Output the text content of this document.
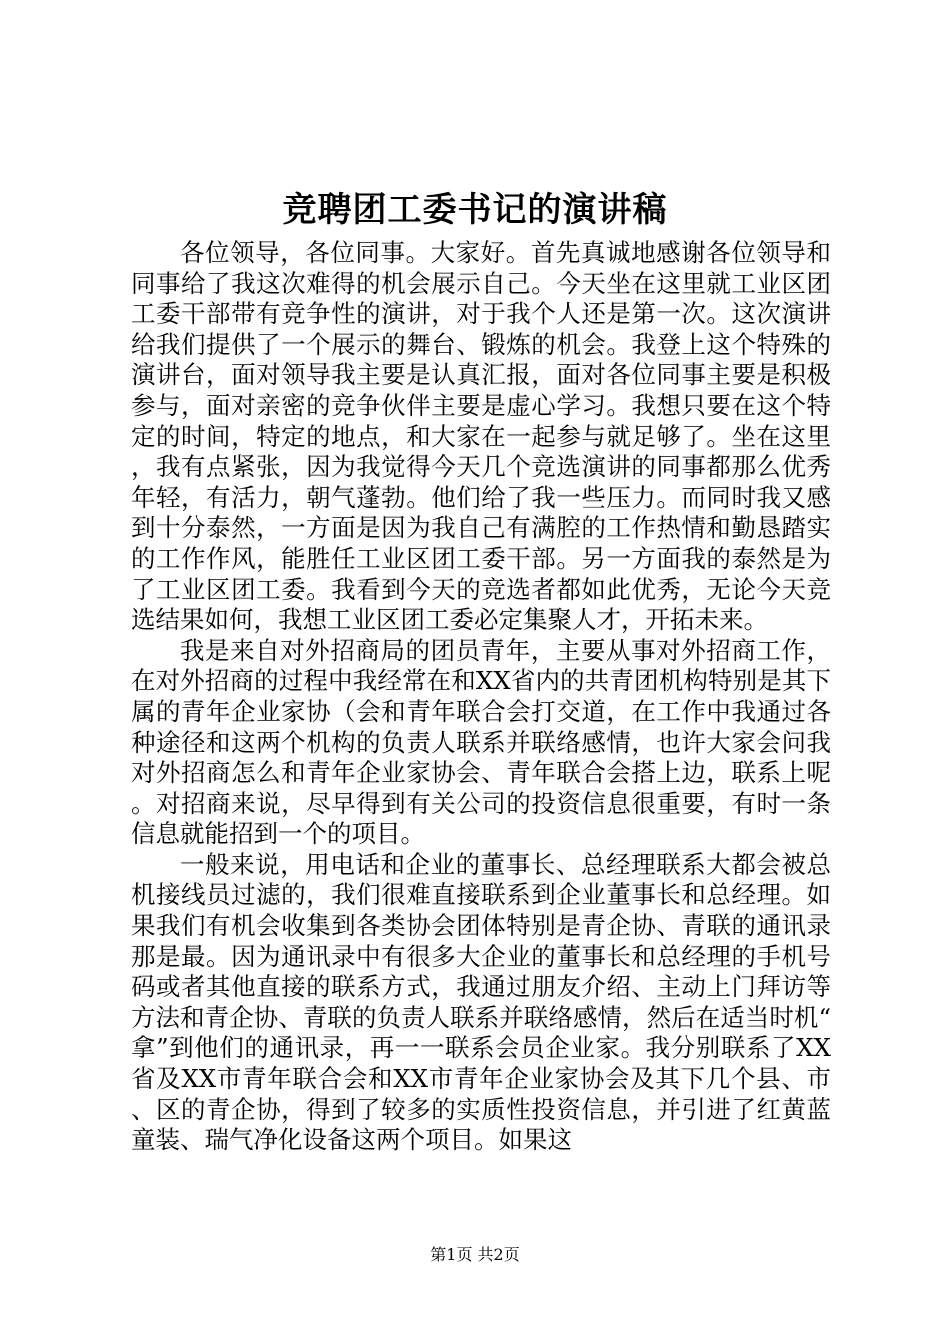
竞聘团工委书记的演讲稿

各位领导，各位同事。大家好。首先真诚地感谢各位领导和同事给了我这次难得的机会展示自己。今天坐在这里就工业区团工委干部带有竞争性的演讲，对于我个人还是第一次。这次演讲给我们提供了一个展示的舞台、锻炼的机会。我登上这个特殊的演讲台，面对领导我主要是认真汇报，面对各位同事主要是积极参与，面对亲密的竞争伙伴主要是虚心学习。我想只要在这个特定的时间，特定的地点，和大家在一起参与就足够了。坐在这里，我有点紧张，因为我觉得今天几个竞选演讲的同事都那么优秀年轻，有活力，朝气蓬勃。他们给了我一些压力。而同时我又感到十分泰然，一方面是因为我自己有满腔的工作热情和勤恳踏实的工作作风，能胜任工业区团工委干部。另一方面我的泰然是为了工业区团工委。我看到今天的竞选者都如此优秀，无论今天竞选结果如何，我想工业区团工委必定集聚人才，开拓未来。

我是来自对外招商局的团员青年，主要从事对外招商工作，在对外招商的过程中我经常在和XX省内的共青团机构特别是其下属的青年企业家协（会和青年联合会打交道，在工作中我通过各种途径和这两个机构的负责人联系并联络感情，也许大家会问我对外招商怎么和青年企业家协会、青年联合会搭上边，联系上呢。对招商来说，尽早得到有关公司的投资信息很重要，有时一条信息就能招到一个的项目。

一般来说，用电话和企业的董事长、总经理联系大都会被总机接线员过滤的，我们很难直接联系到企业董事长和总经理。如果我们有机会收集到各类协会团体特别是青企协、青联的通讯录那是最。因为通讯录中有很多大企业的董事长和总经理的手机号码或者其他直接的联系方式，我通过朋友介绍、主动上门拜访等方法和青企协、青联的负责人联系并联络感情，然后在适当时机“拿”到他们的通讯录，再一一联系会员企业家。我分别联系了XX省及XX市青年联合会和XX市青年企业家协会及其下几个县、市、区的青企协，得到了较多的实质性投资信息，并引进了红黄蓝童装、瑞气净化设备这两个项目。如果这

第1页 共2页
